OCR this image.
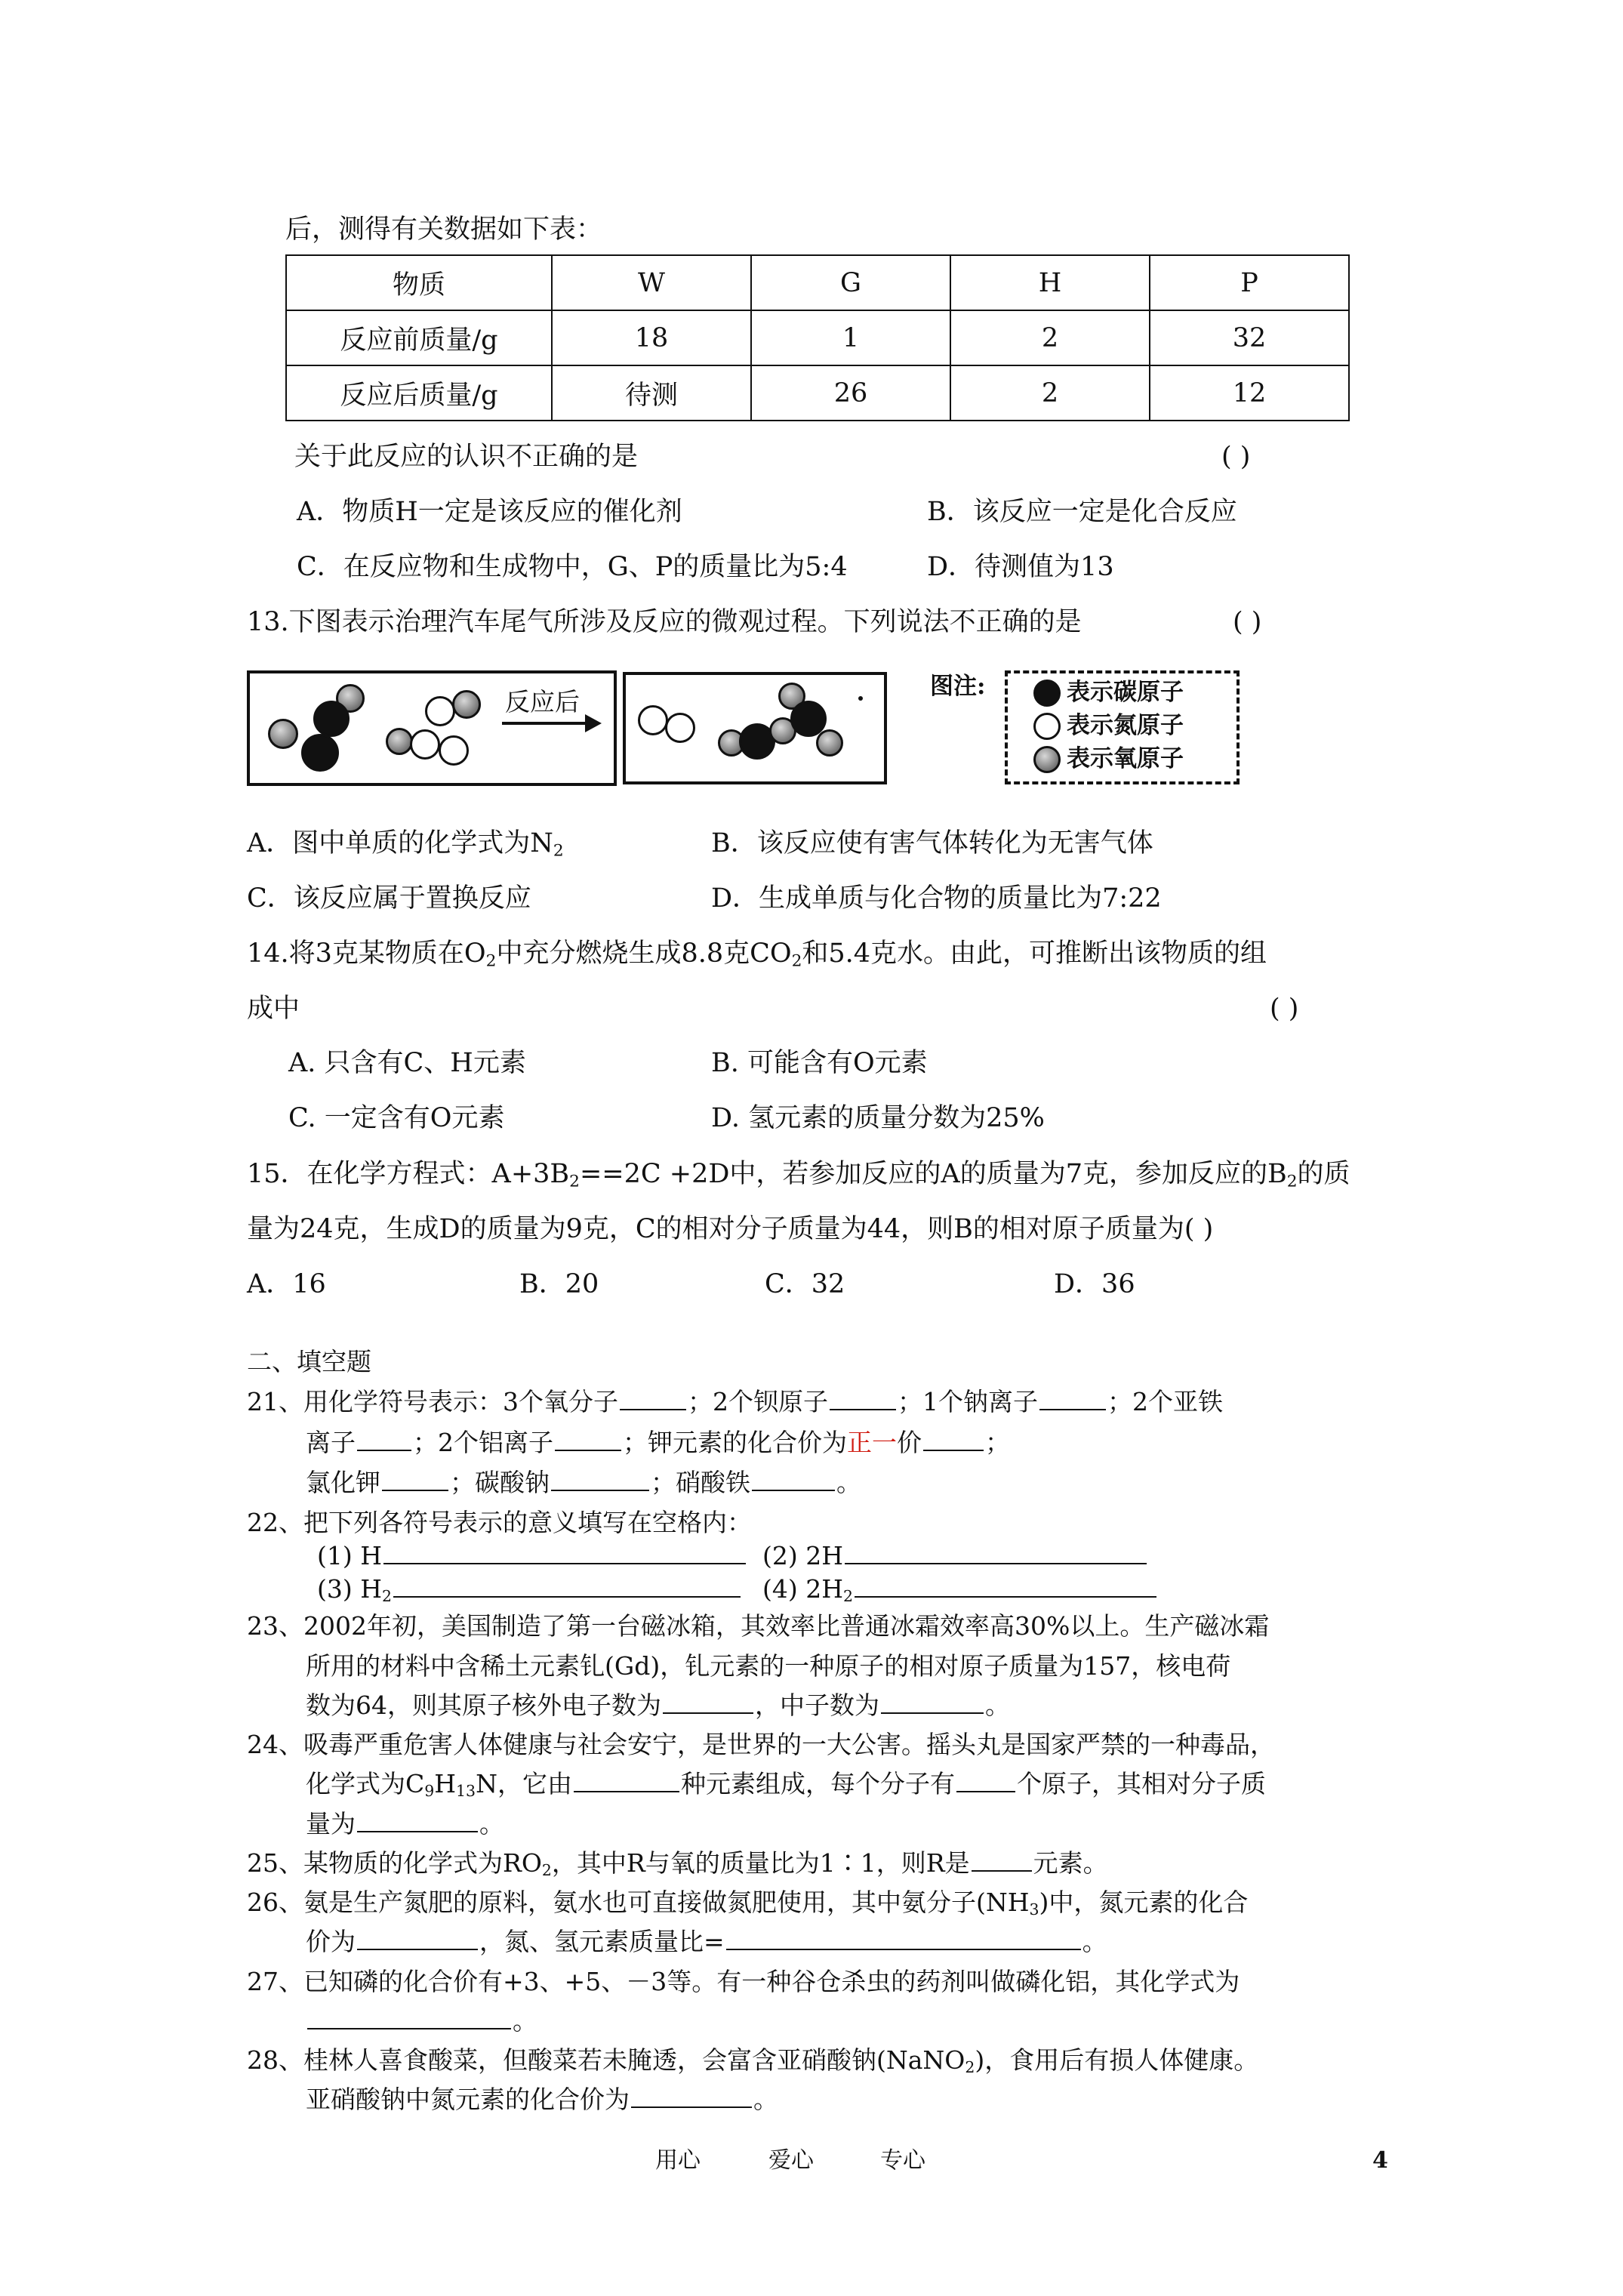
后，测得有关数据如下表：
物质	W	G	H	P
反应前质量/g	18	1	2	32
反应后质量/g	待测	26	2	12
关于此反应的认识不正确的是	( )
A．物质H一定是该反应的催化剂	B．该反应一定是化合反应
C．在反应物和生成物中，G、P的质量比为5:4	D．待测值为13
13.下图表示治理汽车尾气所涉及反应的微观过程。下列说法不正确的是	( )
反应后
图注:	表示碳原子
表示氮原子
表示氧原子
A．图中单质的化学式为$N_2$	B．该反应使有害气体转化为无害气体
C．该反应属于置换反应	D．生成单质与化合物的质量比为7:22
14.将3克某物质在$O_2$中充分燃烧生成8.8克$CO_2$和5.4克水。由此，可推断出该物质的组
成中	( )
A. 只含有C、H元素	B. 可能含有O元素
C. 一定含有O元素	D. 氢元素的质量分数为25%
15．在化学方程式：$A+3B_2==2C +2D$中，若参加反应的A的质量为7克，参加反应的$B_2$的质
量为24克，生成D的质量为9克，C的相对分子质量为44，则B的相对原子质量为( )
A．16	B．20	C．32	D．36
二、填空题
21、用化学符号表示：3个氧分子	；2个钡原子	；1个钠离子	；2个亚铁
离子 ；2个铝离子	；钾元素的化合价为正一价	；
氯化钾	；碳酸钠	；硝酸铁	。
22、把下列各符号表示的意义填写在空格内：
(1) H	(2) 2H
(3) $H_2$	(4) $2H_2$
23、2002年初，美国制造了第一台磁冰箱，其效率比普通冰霜效率高30%以上。生产磁冰霜
所用的材料中含稀土元素钆(Gd)，钆元素的一种原子的相对原子质量为157，核电荷
数为64，则其原子核外电子数为	，中子数为	。
24、吸毒严重危害人体健康与社会安宁，是世界的一大公害。摇头丸是国家严禁的一种毒品，
化学式为$C_9H_{13}N$，它由	种元素组成，每个分子有 个原子，其相对分子质
量为	。
25、某物质的化学式为$RO_2$，其中R与氧的质量比为1∶1，则R是	元素。
26、氨是生产氮肥的原料，氨水也可直接做氮肥使用，其中氨分子$(NH_3)$中，氮元素的化合
价为	，氮、氢元素质量比=	。
27、已知磷的化合价有+3、+5、－3等。有一种谷仓杀虫的药剂叫做磷化铝，其化学式为
。
28、桂林人喜食酸菜，但酸菜若未腌透，会富含亚硝酸钠(NaNO$_2$)，食用后有损人体健康。
亚硝酸钠中氮元素的化合价为	。
用心	爱心	专心	4
